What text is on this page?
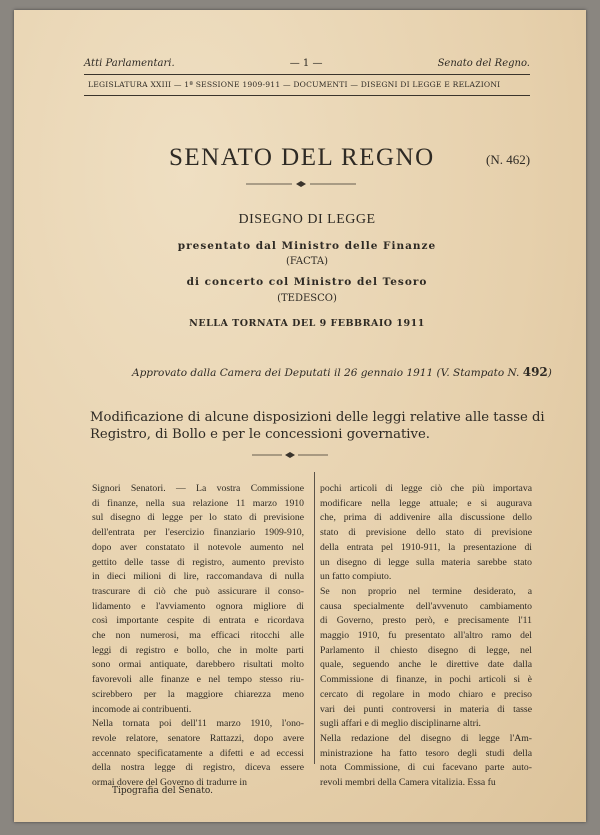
Atti Parlamentari.	— 1 —	Senato del Regno.
LEGISLATURA XXIII — 1ª SESSIONE 1909-911 — DOCUMENTI — DISEGNI DI LEGGE E RELAZIONI
SENATO DEL REGNO	(N. 462)
DISEGNO DI LEGGE
presentato dal Ministro delle Finanze
(FACTA)
di concerto col Ministro del Tesoro
(TEDESCO)
NELLA TORNATA DEL 9 FEBBRAIO 1911
Approvato dalla Camera dei Deputati il 26 gennaio 1911 (V. Stampato N. 492)
Modificazione di alcune disposizioni delle leggi relative alle tasse di Registro, di Bollo e per le concessioni governative.
Signori Senatori. — La vostra Commissione
di finanze, nella sua relazione 11 marzo 1910
sul disegno di legge per lo stato di previsione
dell'entrata per l'esercizio finanziario 1909-910,
dopo aver constatato il notevole aumento nel
gettito delle tasse di registro, aumento previsto
in dieci milioni di lire, raccomandava di nulla
trascurare di ciò che può assicurare il conso-
lidamento e l'avviamento ognora migliore di
così importante cespite di entrata e ricordava
che non numerosi, ma efficaci ritocchi alle
leggi di registro e bollo, che in molte parti
sono ormai antiquate, darebbero risultati molto
favorevoli alle finanze e nel tempo stesso riu-
scirebbero per la maggiore chiarezza meno
incomode ai contribuenti.
Nella tornata poi dell'11 marzo 1910, l'ono-
revole relatore, senatore Rattazzi, dopo avere
accennato specificatamente a difetti e ad eccessi
della nostra legge di registro, diceva essere
ormai dovere del Governo di tradurre in
pochi articoli di legge ciò che più importava
modificare nella legge attuale; e si augurava
che, prima di addivenire alla discussione dello
stato di previsione dello stato di previsione
della entrata pel 1910-911, la presentazione di
un disegno di legge sulla materia sarebbe stato
un fatto compiuto.
Se non proprio nel termine desiderato, a
causa specialmente dell'avvenuto cambiamento
di Governo, presto però, e precisamente l'11
maggio 1910, fu presentato all'altro ramo del
Parlamento il chiesto disegno di legge, nel
quale, seguendo anche le direttive date dalla
Commissione di finanze, in pochi articoli si è
cercato di regolare in modo chiaro e preciso
vari dei punti controversi in materia di tasse
sugli affari e di meglio disciplinarne altri.
Nella redazione del disegno di legge l'Am-
ministrazione ha fatto tesoro degli studi della
nota Commissione, di cui facevano parte auto-
revoli membri della Camera vitalizia. Essa fu
Tipografia del Senato.
